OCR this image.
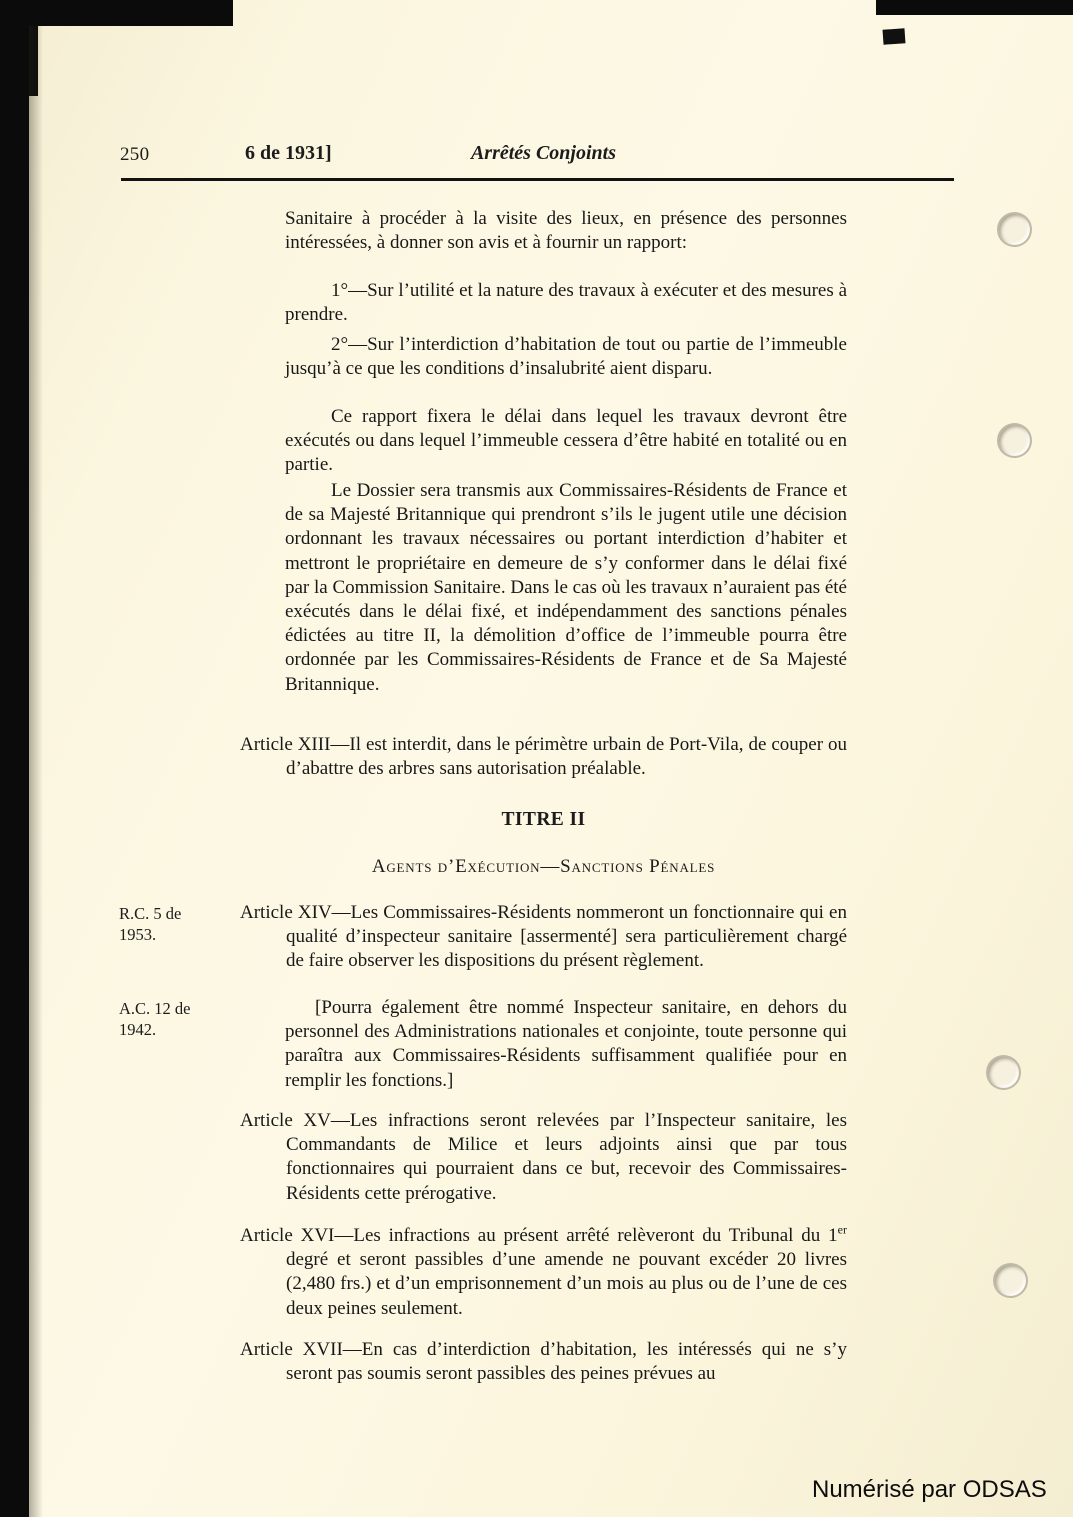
250	6 de 1931]	Arrêtés Conjoints

Sanitaire à procéder à la visite des lieux, en présence des personnes intéressées, à donner son avis et à fournir un rapport:

1°—Sur l’utilité et la nature des travaux à exécuter et des mesures à prendre.

2°—Sur l’interdiction d’habitation de tout ou partie de l’immeuble jusqu’à ce que les conditions d’insalubrité aient disparu.

Ce rapport fixera le délai dans lequel les travaux devront être exécutés ou dans lequel l’immeuble cessera d’être habité en totalité ou en partie.

Le Dossier sera transmis aux Commissaires-Résidents de France et de sa Majesté Britannique qui prendront s’ils le jugent utile une décision ordonnant les travaux nécessaires ou portant interdiction d’habiter et mettront le propriétaire en demeure de s’y conformer dans le délai fixé par la Commission Sanitaire. Dans le cas où les travaux n’auraient pas été exécutés dans le délai fixé, et indépendamment des sanctions pénales édictées au titre II, la démolition d’office de l’immeuble pourra être ordonnée par les Commissaires-Résidents de France et de Sa Majesté Britannique.

Article XIII—Il est interdit, dans le périmètre urbain de Port-Vila, de couper ou d’abattre des arbres sans autorisation préalable.

TITRE II
Agents d’Exécution—Sanctions Pénales
R.C. 5 de 1953.

Article XIV—Les Commissaires-Résidents nommeront un fonctionnaire qui en qualité d’inspecteur sanitaire [assermenté] sera particulièrement chargé de faire observer les dispositions du présent règlement.

A.C. 12 de 1942.

[Pourra également être nommé Inspecteur sanitaire, en dehors du personnel des Administrations nationales et conjointe, toute personne qui paraîtra aux Commissaires-Résidents suffisamment qualifiée pour en remplir les fonctions.]

Article XV—Les infractions seront relevées par l’Inspecteur sanitaire, les Commandants de Milice et leurs adjoints ainsi que par tous fonctionnaires qui pourraient dans ce but, recevoir des Commissaires-Résidents cette prérogative.

Article XVI—Les infractions au présent arrêté relèveront du Tribunal du 1er degré et seront passibles d’une amende ne pouvant excéder 20 livres (2,480 frs.) et d’un emprisonnement d’un mois au plus ou de l’une de ces deux peines seulement.

Article XVII—En cas d’interdiction d’habitation, les intéressés qui ne s’y seront pas soumis seront passibles des peines prévues au

Numérisé par ODSAS
